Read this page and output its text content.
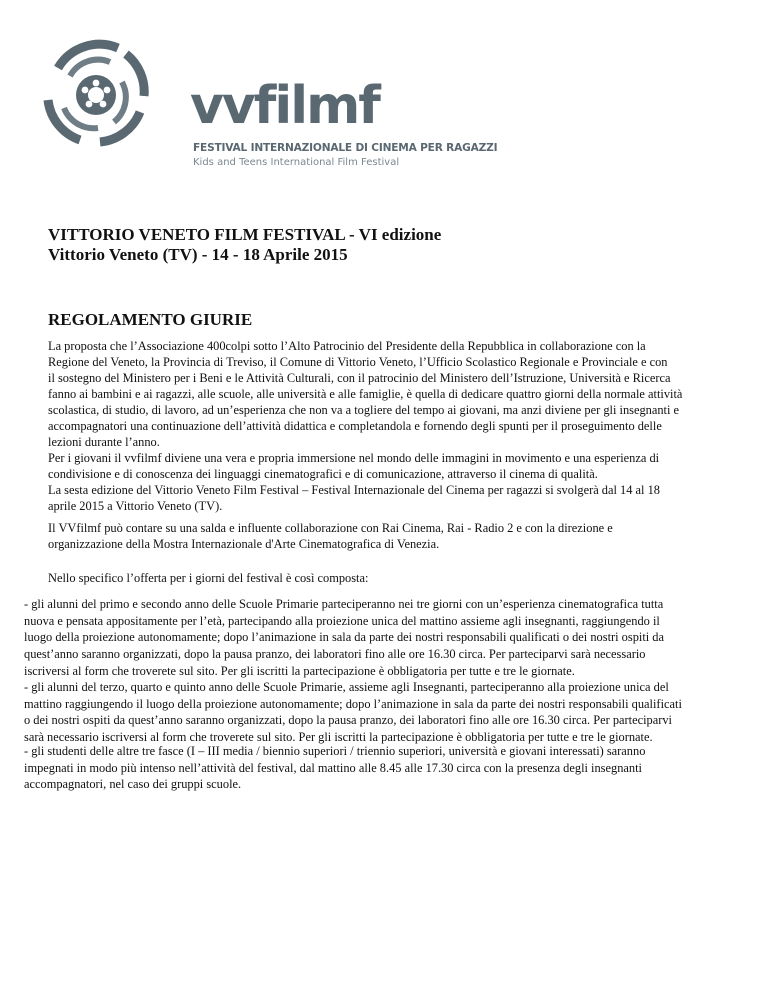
vvfilmf
FESTIVAL INTERNAZIONALE DI CINEMA PER RAGAZZI
Kids and Teens International Film Festival
VITTORIO VENETO FILM FESTIVAL - VI edizione
Vittorio Veneto (TV) - 14 - 18 Aprile 2015
REGOLAMENTO GIURIE

La proposta che l’Associazione 400colpi sotto l’Alto Patrocinio del Presidente della Repubblica in collaborazione con la
Regione del Veneto, la Provincia di Treviso, il Comune di Vittorio Veneto, l’Ufficio Scolastico Regionale e Provinciale e con
il sostegno del Ministero per i Beni e le Attività Culturali, con il patrocinio del Ministero dell’Istruzione, Università e Ricerca
fanno ai bambini e ai ragazzi, alle scuole, alle università e alle famiglie, è quella di dedicare quattro giorni della normale attività
scolastica, di studio, di lavoro, ad un’esperienza che non va a togliere del tempo ai giovani, ma anzi diviene per gli insegnanti e
accompagnatori una continuazione dell’attività didattica e completandola e fornendo degli spunti per il proseguimento delle
lezioni durante l’anno.

Per i giovani il vvfilmf diviene una vera e propria immersione nel mondo delle immagini in movimento e una esperienza di
condivisione e di conoscenza dei linguaggi cinematografici e di comunicazione, attraverso il cinema di qualità.
La sesta edizione del Vittorio Veneto Film Festival – Festival Internazionale del Cinema per ragazzi si svolgerà dal 14 al 18
aprile 2015 a Vittorio Veneto (TV).

Il VVfilmf può contare su una salda e influente collaborazione con Rai Cinema, Rai - Radio 2 e con la direzione e
organizzazione della Mostra Internazionale d'Arte Cinematografica di Venezia.

Nello specifico l’offerta per i giorni del festival è così composta:

- gli alunni del primo e secondo anno delle Scuole Primarie parteciperanno nei tre giorni con un’esperienza cinematografica tutta
nuova e pensata appositamente per l’età, partecipando alla proiezione unica del mattino assieme agli insegnanti, raggiungendo il
luogo della proiezione autonomamente; dopo l’animazione in sala da parte dei nostri responsabili qualificati o dei nostri ospiti da
quest’anno saranno organizzati, dopo la pausa pranzo, dei laboratori fino alle ore 16.30 circa. Per parteciparvi sarà necessario
iscriversi al form che troverete sul sito. Per gli iscritti la partecipazione è obbligatoria per tutte e tre le giornate.

- gli alunni del terzo, quarto e quinto anno delle Scuole Primarie, assieme agli Insegnanti, parteciperanno alla proiezione unica del
mattino raggiungendo il luogo della proiezione autonomamente; dopo l’animazione in sala da parte dei nostri responsabili qualificati
o dei nostri ospiti da quest’anno saranno organizzati, dopo la pausa pranzo, dei laboratori fino alle ore 16.30 circa. Per parteciparvi
sarà necessario iscriversi al form che troverete sul sito. Per gli iscritti la partecipazione è obbligatoria per tutte e tre le giornate.

- gli studenti delle altre tre fasce (I – III media / biennio superiori / triennio superiori, università e giovani interessati) saranno
impegnati in modo più intenso nell’attività del festival, dal mattino alle 8.45 alle 17.30 circa con la presenza degli insegnanti
accompagnatori, nel caso dei gruppi scuole.
